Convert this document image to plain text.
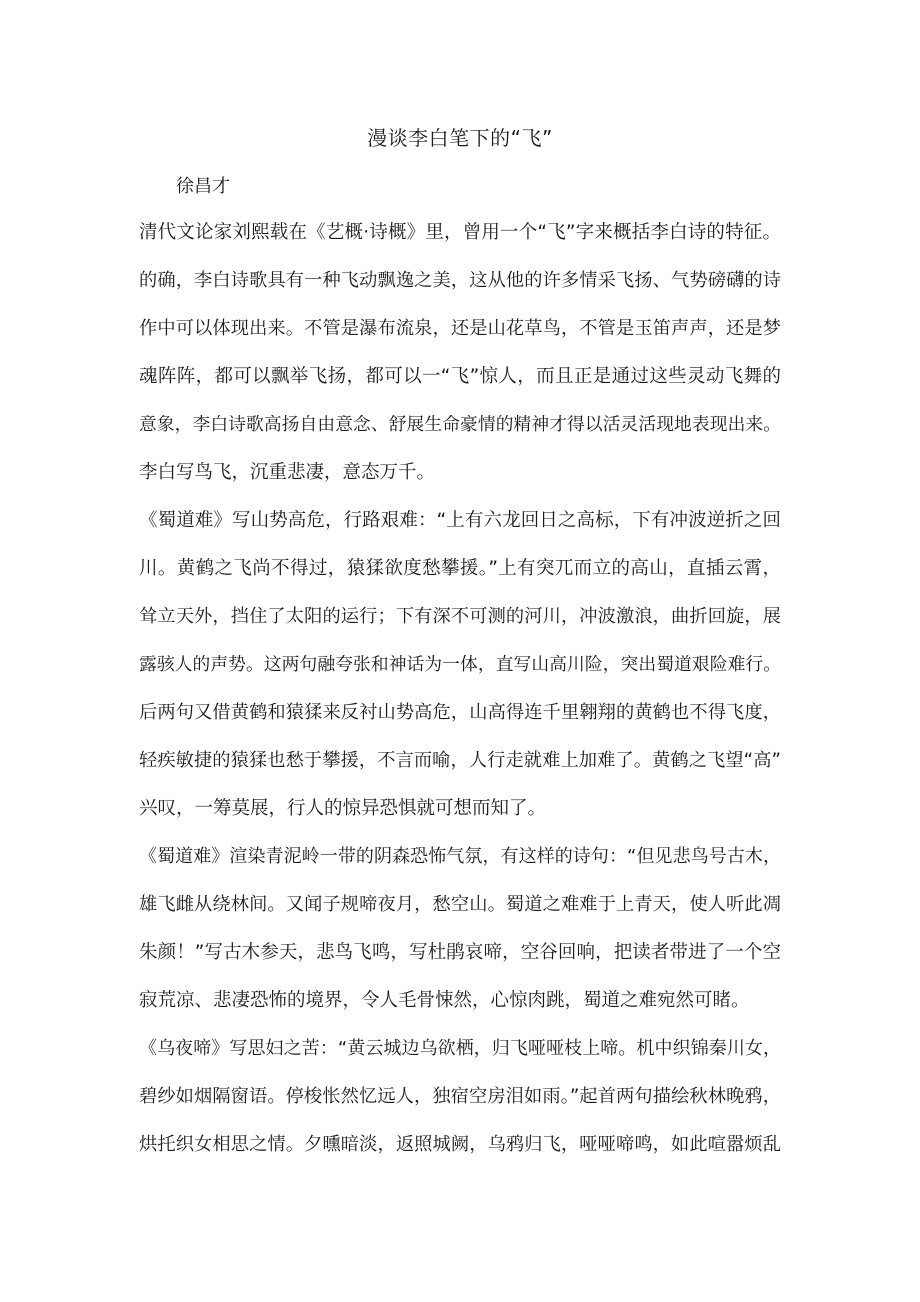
漫谈李白笔下的“飞”
徐昌才
清代文论家刘熙载在《艺概·诗概》里，曾用一个“飞”字来概括李白诗的特征。
的确，李白诗歌具有一种飞动飘逸之美，这从他的许多情采飞扬、气势磅礴的诗
作中可以体现出来。不管是瀑布流泉，还是山花草鸟，不管是玉笛声声，还是梦
魂阵阵，都可以飘举飞扬，都可以一“飞”惊人，而且正是通过这些灵动飞舞的
意象，李白诗歌高扬自由意念、舒展生命豪情的精神才得以活灵活现地表现出来。
李白写鸟飞，沉重悲凄，意态万千。
《蜀道难》写山势高危，行路艰难：“上有六龙回日之高标，下有冲波逆折之回
川。黄鹤之飞尚不得过，猿猱欲度愁攀援。”上有突兀而立的高山，直插云霄，
耸立天外，挡住了太阳的运行；下有深不可测的河川，冲波激浪，曲折回旋，展
露骇人的声势。这两句融夸张和神话为一体，直写山高川险，突出蜀道艰险难行。
后两句又借黄鹤和猿猱来反衬山势高危，山高得连千里翱翔的黄鹤也不得飞度，
轻疾敏捷的猿猱也愁于攀援，不言而喻，人行走就难上加难了。黄鹤之飞望“高”
兴叹，一筹莫展，行人的惊异恐惧就可想而知了。
《蜀道难》渲染青泥岭一带的阴森恐怖气氛，有这样的诗句：“但见悲鸟号古木，
雄飞雌从绕林间。又闻子规啼夜月，愁空山。蜀道之难难于上青天，使人听此凋
朱颜！”写古木参天，悲鸟飞鸣，写杜鹃哀啼，空谷回响，把读者带进了一个空
寂荒凉、悲凄恐怖的境界，令人毛骨悚然，心惊肉跳，蜀道之难宛然可睹。
《乌夜啼》写思妇之苦：“黄云城边乌欲栖，归飞哑哑枝上啼。机中织锦秦川女，
碧纱如烟隔窗语。停梭怅然忆远人，独宿空房泪如雨。”起首两句描绘秋林晚鸦，
烘托织女相思之情。夕曛暗淡，返照城阙，乌鸦归飞，哑哑啼鸣，如此喧嚣烦乱
